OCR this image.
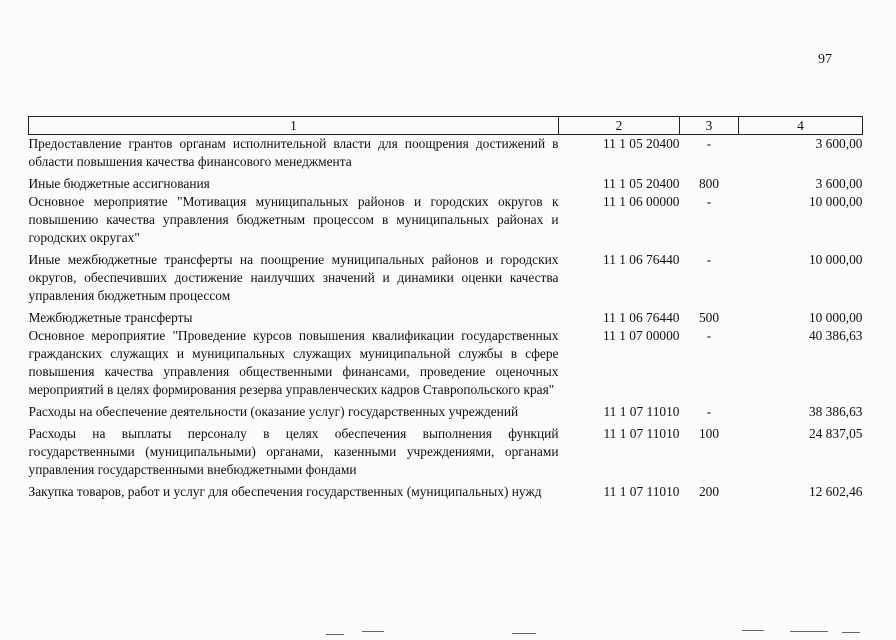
97
1	2	3	4
Предоставление грантов органам исполнительной власти для поощрения достижений в области повышения качества финансового менеджмента	11 1 05 20400	-	3 600,00
Иные бюджетные ассигнования	11 1 05 20400	800	3 600,00
Основное мероприятие "Мотивация муниципальных районов и городских округов к повышению качества управления бюджетным процессом в муниципальных районах и городских округах"	11 1 06 00000	-	10 000,00
Иные межбюджетные трансферты на поощрение муниципальных районов и городских округов, обеспечивших достижение наилучших значений и динамики оценки качества управления бюджетным процессом	11 1 06 76440	-	10 000,00
Межбюджетные трансферты	11 1 06 76440	500	10 000,00
Основное мероприятие "Проведение курсов повышения квалификации государственных гражданских служащих и муниципальных служащих муниципальной службы в сфере повышения качества управления общественными финансами, проведение оценочных мероприятий в целях формирования резерва управленческих кадров Ставропольского края"	11 1 07 00000	-	40 386,63
Расходы на обеспечение деятельности (оказание услуг) государственных учреждений	11 1 07 11010	-	38 386,63
Расходы на выплаты персоналу в целях обеспечения выполнения функций государственными (муниципальными) органами, казенными учреждениями, органами управления государственными внебюджетными фондами	11 1 07 11010	100	24 837,05
Закупка товаров, работ и услуг для обеспечения государственных (муниципальных) нужд	11 1 07 11010	200	12 602,46
